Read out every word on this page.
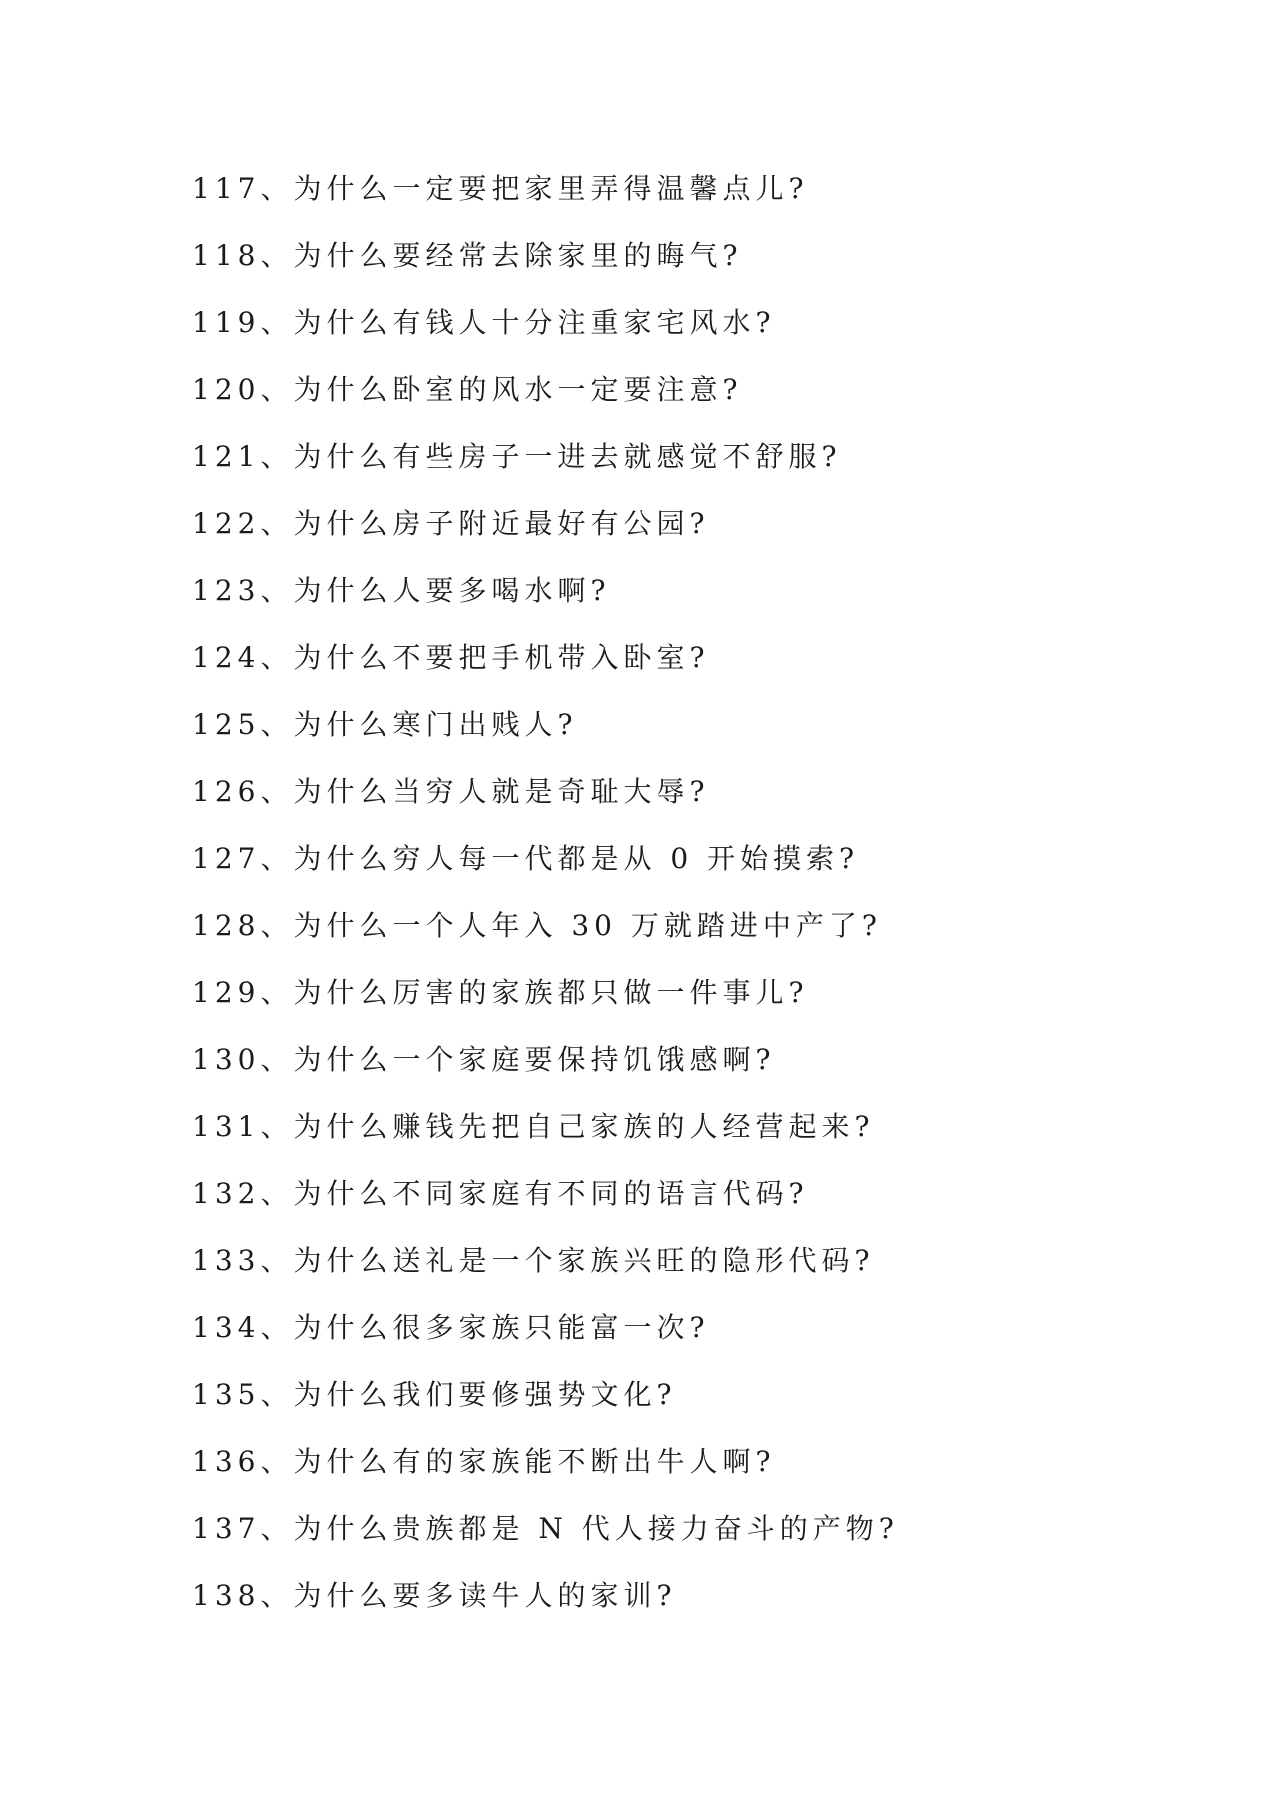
117、为什么一定要把家里弄得温馨点儿?
118、为什么要经常去除家里的晦气?
119、为什么有钱人十分注重家宅风水?
120、为什么卧室的风水一定要注意?
121、为什么有些房子一进去就感觉不舒服?
122、为什么房子附近最好有公园?
123、为什么人要多喝水啊?
124、为什么不要把手机带入卧室?
125、为什么寒门出贱人?
126、为什么当穷人就是奇耻大辱?
127、为什么穷人每一代都是从 0 开始摸索?
128、为什么一个人年入 30 万就踏进中产了?
129、为什么厉害的家族都只做一件事儿?
130、为什么一个家庭要保持饥饿感啊?
131、为什么赚钱先把自己家族的人经营起来?
132、为什么不同家庭有不同的语言代码?
133、为什么送礼是一个家族兴旺的隐形代码?
134、为什么很多家族只能富一次?
135、为什么我们要修强势文化?
136、为什么有的家族能不断出牛人啊?
137、为什么贵族都是 N 代人接力奋斗的产物?
138、为什么要多读牛人的家训?
